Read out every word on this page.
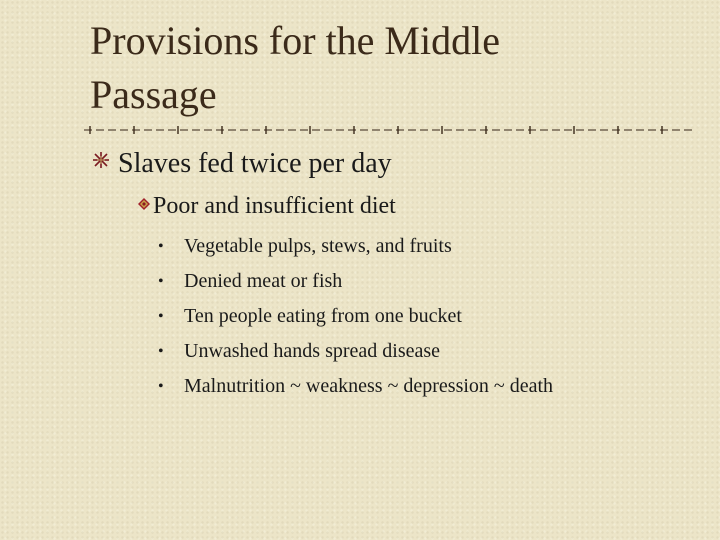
Provisions for the Middle
Passage
Slaves fed twice per day
Poor and insufficient diet
• Vegetable pulps, stews, and fruits
• Denied meat or fish
• Ten people eating from one bucket
• Unwashed hands spread disease
• Malnutrition ~ weakness ~ depression ~ death
